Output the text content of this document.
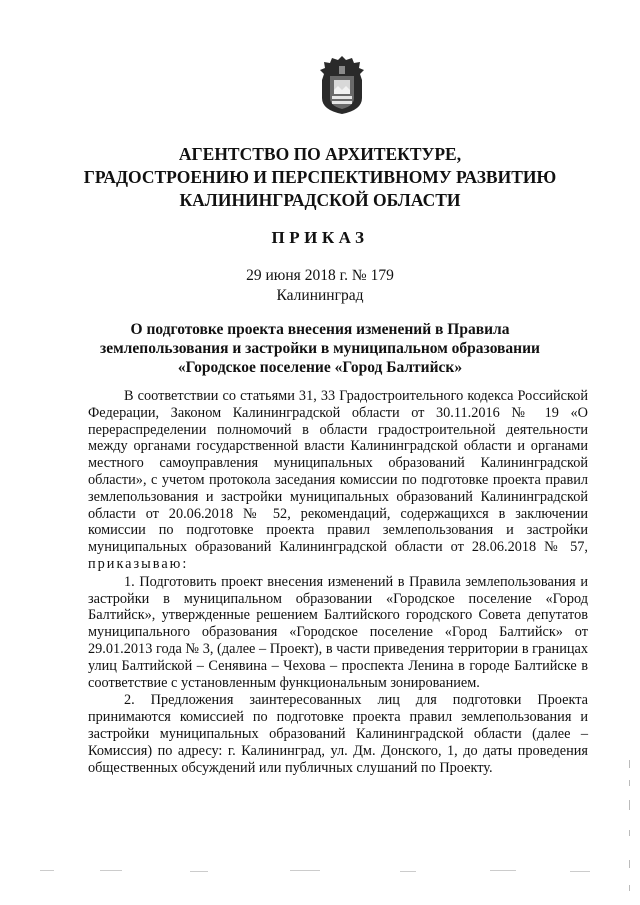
АГЕНТСТВО ПО АРХИТЕКТУРЕ,
ГРАДОСТРОЕНИЮ И ПЕРСПЕКТИВНОМУ РАЗВИТИЮ
КАЛИНИНГРАДСКОЙ ОБЛАСТИ
ПРИКАЗ
29 июня 2018 г. № 179
Калининград
О подготовке проекта внесения изменений в Правила
землепользования и застройки в муниципальном образовании
«Городское поселение «Город Балтийск»

В соответствии со статьями 31, 33 Градостроительного кодекса Российской Федерации, Законом Калининградской области от 30.11.2016 № 19 «О перераспределении полномочий в области градостроительной деятельности между органами государственной власти Калининградской области и органами местного самоуправления муниципальных образований Калининградской области», с учетом протокола заседания комиссии по подготовке проекта правил землепользования и застройки муниципальных образований Калининградской области от 20.06.2018 № 52, рекомендаций, содержащихся в заключении комиссии по подготовке проекта правил землепользования и застройки муниципальных образований Калининградской области от 28.06.2018 № 57, приказываю:

1. Подготовить проект внесения изменений в Правила землепользования и застройки в муниципальном образовании «Городское поселение «Город Балтийск», утвержденные решением Балтийского городского Совета депутатов муниципального образования «Городское поселение «Город Балтийск» от 29.01.2013 года № 3, (далее – Проект), в части приведения территории в границах улиц Балтийской – Сенявина – Чехова – проспекта Ленина в городе Балтийске в соответствие с установленным функциональным зонированием.

2. Предложения заинтересованных лиц для подготовки Проекта принимаются комиссией по подготовке проекта правил землепользования и застройки муниципальных образований Калининградской области (далее – Комиссия) по адресу: г. Калининград, ул. Дм. Донского, 1, до даты проведения общественных обсуждений или публичных слушаний по Проекту.
